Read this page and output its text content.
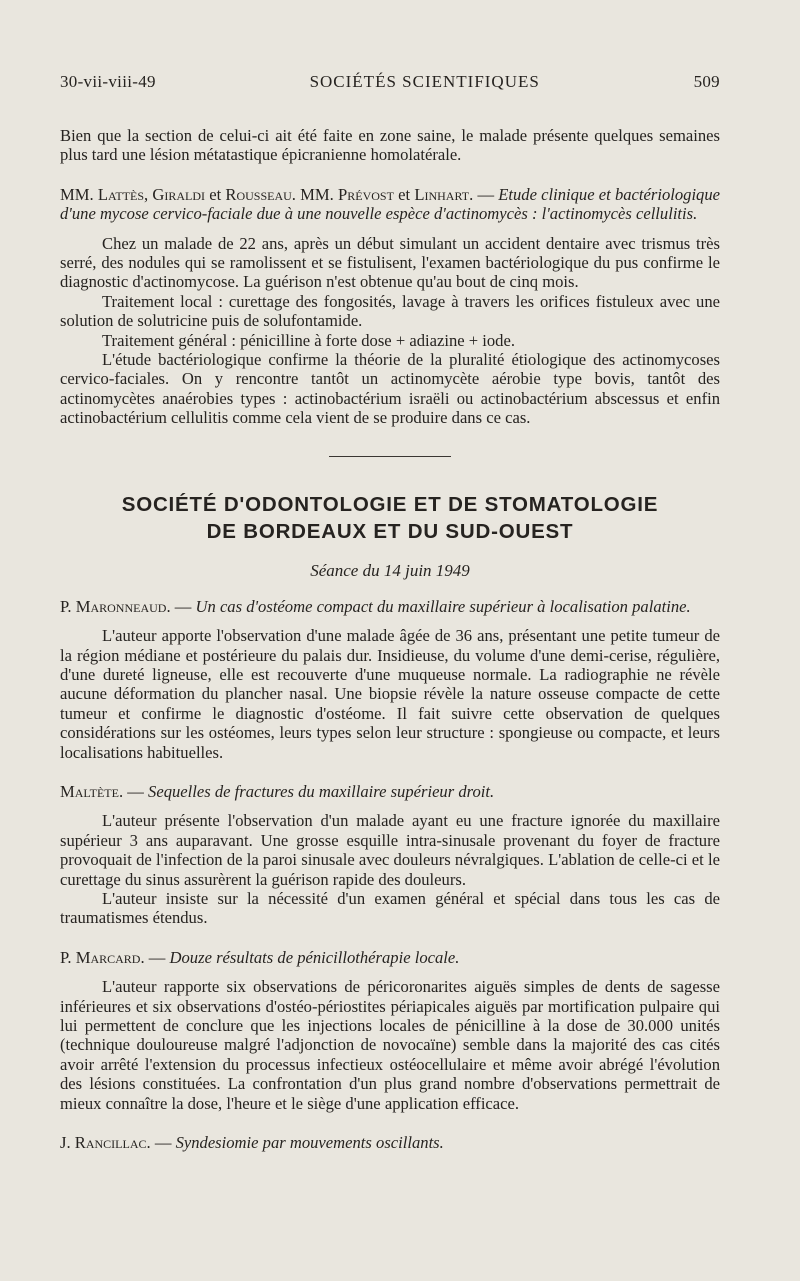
30-vii-viii-49	SOCIÉTÉS SCIENTIFIQUES	509

Bien que la section de celui-ci ait été faite en zone saine, le malade présente quelques semaines plus tard une lésion métatastique épicranienne homolatérale.

MM. Lattès, Giraldi et Rousseau. MM. Prévost et Linhart. — Etude clinique et bactériologique d'une mycose cervico-faciale due à une nouvelle espèce d'actinomycès : l'actinomycès cellulitis.

Chez un malade de 22 ans, après un début simulant un accident dentaire avec trismus très serré, des nodules qui se ramolissent et se fistulisent, l'examen bactériologique du pus confirme le diagnostic d'actinomycose. La guérison n'est obtenue qu'au bout de cinq mois.

Traitement local : curettage des fongosités, lavage à travers les orifices fistuleux avec une solution de solutricine puis de solufontamide.

Traitement général : pénicilline à forte dose + adiazine + iode.

L'étude bactériologique confirme la théorie de la pluralité étiologique des actinomycoses cervico-faciales. On y rencontre tantôt un actinomycète aérobie type bovis, tantôt des actinomycètes anaérobies types : actinobactérium israëli ou actinobactérium abscessus et enfin actinobactérium cellulitis comme cela vient de se produire dans ce cas.

SOCIÉTÉ D'ODONTOLOGIE ET DE STOMATOLOGIE
DE BORDEAUX ET DU SUD-OUEST
Séance du 14 juin 1949

P. Maronneaud. — Un cas d'ostéome compact du maxillaire supérieur à localisation palatine.

L'auteur apporte l'observation d'une malade âgée de 36 ans, présentant une petite tumeur de la région médiane et postérieure du palais dur. Insidieuse, du volume d'une demi-cerise, régulière, d'une dureté ligneuse, elle est recouverte d'une muqueuse normale. La radiographie ne révèle aucune déformation du plancher nasal. Une biopsie révèle la nature osseuse compacte de cette tumeur et confirme le diagnostic d'ostéome. Il fait suivre cette observation de quelques considérations sur les ostéomes, leurs types selon leur structure : spongieuse ou compacte, et leurs localisations habituelles.

Maltète. — Sequelles de fractures du maxillaire supérieur droit.

L'auteur présente l'observation d'un malade ayant eu une fracture ignorée du maxillaire supérieur 3 ans auparavant. Une grosse esquille intra-sinusale provenant du foyer de fracture provoquait de l'infection de la paroi sinusale avec douleurs névralgiques. L'ablation de celle-ci et le curettage du sinus assurèrent la guérison rapide des douleurs.

L'auteur insiste sur la nécessité d'un examen général et spécial dans tous les cas de traumatismes étendus.

P. Marcard. — Douze résultats de pénicillothérapie locale.

L'auteur rapporte six observations de péricoronarites aiguës simples de dents de sagesse inférieures et six observations d'ostéo-périostites périapicales aiguës par mortification pulpaire qui lui permettent de conclure que les injections locales de pénicilline à la dose de 30.000 unités (technique douloureuse malgré l'adjonction de novocaïne) semble dans la majorité des cas cités avoir arrêté l'extension du processus infectieux ostéocellulaire et même avoir abrégé l'évolution des lésions constituées. La confrontation d'un plus grand nombre d'observations permettrait de mieux connaître la dose, l'heure et le siège d'une application efficace.

J. Rancillac. — Syndesiomie par mouvements oscillants.
